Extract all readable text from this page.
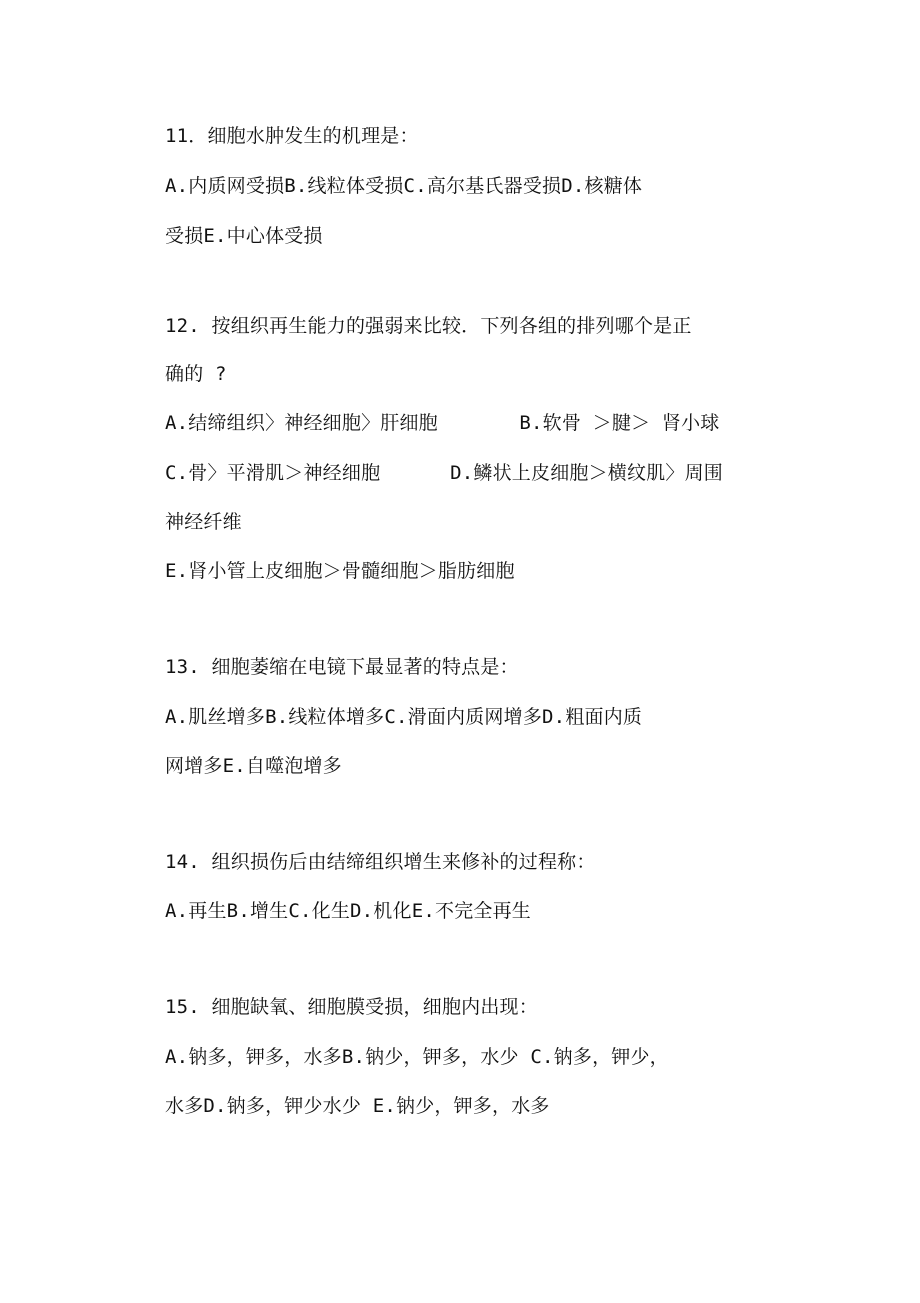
11．细胞水肿发生的机理是：

A.内质网受损B.线粒体受损C.高尔基氏器受损D.核糖体

受损E.中心体受损

12. 按组织再生能力的强弱来比较．下列各组的排列哪个是正

确的 ?

A.结缔组织〉神经细胞〉肝细胞       B.软骨 ＞腱＞ 肾小球

C.骨〉平滑肌＞神经细胞      D.鳞状上皮细胞＞横纹肌〉周围

神经纤维

E.肾小管上皮细胞＞骨髓细胞＞脂肪细胞

13. 细胞萎缩在电镜下最显著的特点是：

A.肌丝增多B.线粒体增多C.滑面内质网增多D.粗面内质

网增多E.自噬泡增多

14. 组织损伤后由结缔组织增生来修补的过程称：

A.再生B.增生C.化生D.机化E.不完全再生

15. 细胞缺氧、细胞膜受损，细胞内出现：

A.钠多，钾多，水多B.钠少，钾多，水少 C.钠多，钾少，

水多D.钠多，钾少水少 E.钠少，钾多，水多
